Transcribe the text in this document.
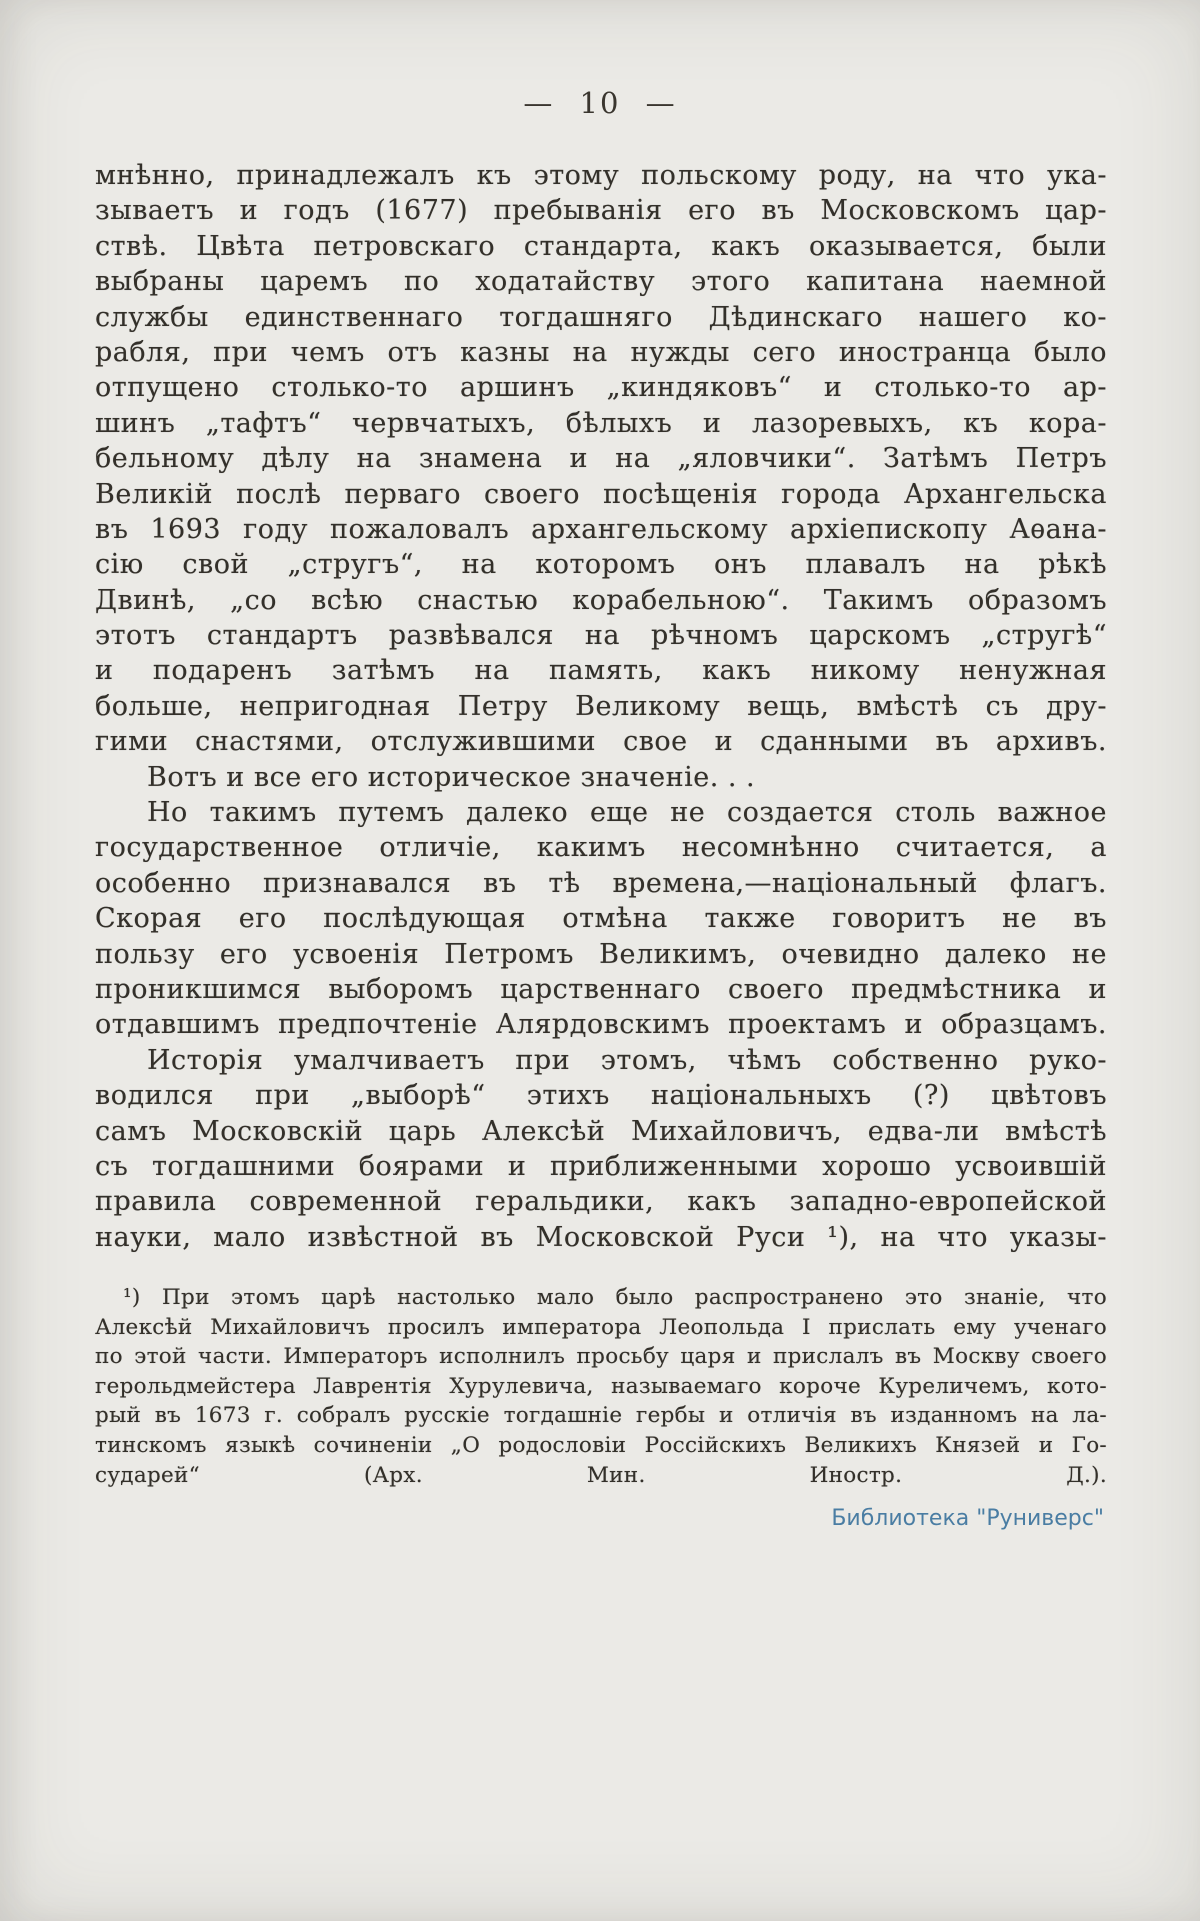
— 10 —
мнѣнно, принадлежалъ къ этому польскому роду, на что ука-
зываетъ и годъ (1677) пребыванія его въ Московскомъ цар-
ствѣ. Цвѣта петровскаго стандарта, какъ оказывается, были
выбраны царемъ по ходатайству этого капитана наемной
службы единственнаго тогдашняго Дѣдинскаго нашего ко-
рабля, при чемъ отъ казны на нужды сего иностранца было
отпущено столько-то аршинъ „киндяковъ“ и столько-то ар-
шинъ „тафтъ“ червчатыхъ, бѣлыхъ и лазоревыхъ, къ кора-
бельному дѣлу на знамена и на „яловчики“. Затѣмъ Петръ
Великій послѣ перваго своего посѣщенія города Архангельска
въ 1693 году пожаловалъ архангельскому архіепископу Аѳана-
сію свой „стругъ“, на которомъ онъ плавалъ на рѣкѣ
Двинѣ, „со всѣю снастью корабельною“. Такимъ образомъ
этотъ стандартъ развѣвался на рѣчномъ царскомъ „стругѣ“
и подаренъ затѣмъ на память, какъ никому ненужная
больше, непригодная Петру Великому вещь, вмѣстѣ съ дру-
гими снастями, отслужившими свое и сданными въ архивъ.
Вотъ и все его историческое значеніе. . .
Но такимъ путемъ далеко еще не создается столь важное
государственное отличіе, какимъ несомнѣнно считается, а
особенно признавался въ тѣ времена,—національный флагъ.
Скорая его послѣдующая отмѣна также говоритъ не въ
пользу его усвоенія Петромъ Великимъ, очевидно далеко не
проникшимся выборомъ царственнаго своего предмѣстника и
отдавшимъ предпочтеніе Алярдовскимъ проектамъ и образцамъ.
Исторія умалчиваетъ при этомъ, чѣмъ собственно руко-
водился при „выборѣ“ этихъ національныхъ (?) цвѣтовъ
самъ Московскій царь Алексѣй Михайловичъ, едва-ли вмѣстѣ
съ тогдашними боярами и приближенными хорошо усвоившій
правила современной геральдики, какъ западно-европейской
науки, мало извѣстной въ Московской Руси ¹), на что указы-
¹) При этомъ царѣ настолько мало было распространено это знаніе, что
Алексѣй Михайловичъ просилъ императора Леопольда I прислать ему ученаго
по этой части. Императоръ исполнилъ просьбу царя и прислалъ въ Москву своего
герольдмейстера Лаврентія Хурулевича, называемаго короче Куреличемъ, кото-
рый въ 1673 г. собралъ русскіе тогдашніе гербы и отличія въ изданномъ на ла-
тинскомъ языкѣ сочиненіи „О родословіи Россійскихъ Великихъ Князей и Го-
сударей“ (Арх. Мин. Иностр. Д.).
Библиотека "Руниверс"
